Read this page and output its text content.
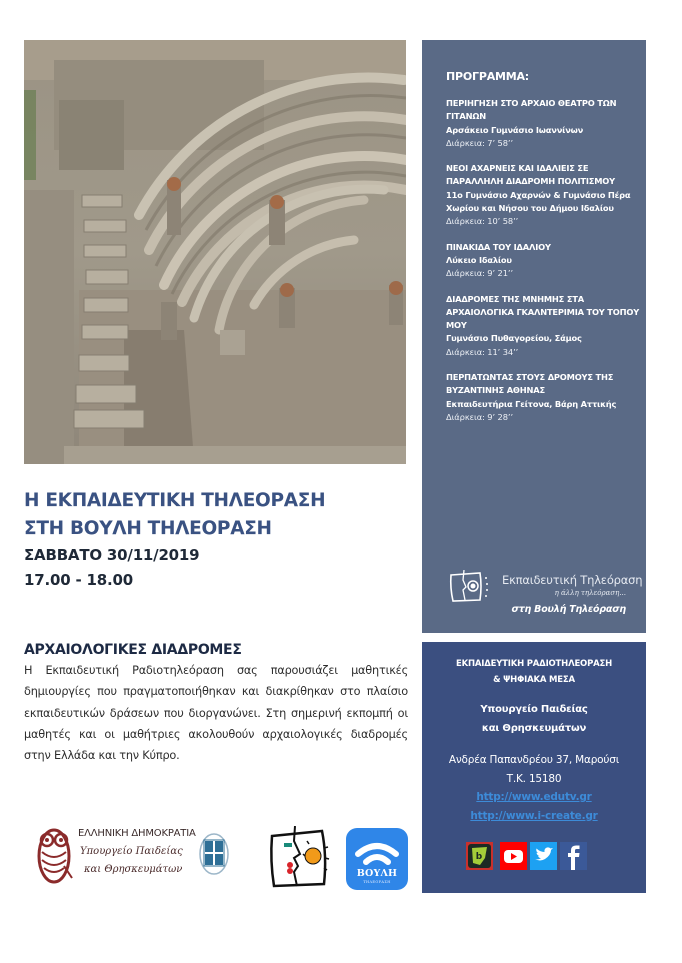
Η ΕΚΠΑΙΔΕΥΤΙΚΗ ΤΗΛΕΟΡΑΣΗ
ΣΤΗ ΒΟΥΛΗ ΤΗΛΕΟΡΑΣΗ
ΣΑΒΒΑΤΟ 30/11/2019
17.00 - 18.00
ΑΡΧΑΙΟΛΟΓΙΚΕΣ ΔΙΑΔΡΟΜΕΣ
Η Εκπαιδευτική Ραδιοτηλεόραση σας παρουσιάζει μαθητικές δημιουργίες που πραγματοποιήθηκαν και διακρίθηκαν στο πλαίσιο εκπαιδευτικών δράσεων που διοργανώνει. Στη σημερινή εκπομπή οι μαθητές και οι μαθήτριες ακολουθούν αρχαιολογικές διαδρομές στην Ελλάδα και την Κύπρο.
ΕΛΛΗΝΙΚΗ ΔΗΜΟΚΡΑΤΙΑ
Υπουργείο Παιδείας
και Θρησκευμάτων	ΒΟΥΛΗ
ΤΗΛΕΟΡΑΣΗ
ΠΡΟΓΡΑΜΜΑ:
ΠΕΡΙΗΓΗΣΗ ΣΤΟ ΑΡΧΑΙΟ ΘΕΑΤΡΟ ΤΩΝ ΓΙΤΑΝΩΝ
Αρσάκειο Γυμνάσιο Ιωαννίνων
Διάρκεια: 7’ 58’’
ΝΕΟΙ ΑΧΑΡΝΕΙΣ ΚΑΙ ΙΔΑΛΙΕΙΣ ΣΕ ΠΑΡΑΛΛΗΛΗ ΔΙΑΔΡΟΜΗ ΠΟΛΙΤΙΣΜΟΥ
11ο Γυμνάσιο Αχαρνών & Γυμνάσιο Πέρα Χωρίου και Νήσου του Δήμου Ιδαλίου
Διάρκεια: 10’ 58’’
ΠΙΝΑΚΙΔΑ ΤΟΥ ΙΔΑΛΙΟΥ
Λύκειο Ιδαλίου
Διάρκεια: 9’ 21’’
ΔΙΑΔΡΟΜΕΣ ΤΗΣ ΜΝΗΜΗΣ ΣΤΑ ΑΡΧΑΙΟΛΟΓΙΚΑ ΓΚΑΛΝΤΕΡΙΜΙΑ ΤΟΥ ΤΟΠΟΥ ΜΟΥ
Γυμνάσιο Πυθαγορείου, Σάμος
Διάρκεια: 11’ 34’’
ΠΕΡΠΑΤΩΝΤΑΣ ΣΤΟΥΣ ΔΡΟΜΟΥΣ ΤΗΣ ΒΥΖΑΝΤΙΝΗΣ ΑΘΗΝΑΣ
Εκπαιδευτήρια Γείτονα, Βάρη Αττικής
Διάρκεια: 9’ 28’’
Εκπαιδευτική Τηλεόραση
η άλλη τηλεόραση...
στη Βουλή Τηλεόραση
ΕΚΠΑΙΔΕΥΤΙΚΗ ΡΑΔΙΟΤΗΛΕΟΡΑΣΗ
& ΨΗΦΙΑΚΑ ΜΕΣΑ
Υπουργείο Παιδείας
και Θρησκευμάτων
Ανδρέα Παπανδρέου 37, Μαρούσι
Τ.Κ. 15180
http://www.edutv.gr
http://www.i-create.gr
b
